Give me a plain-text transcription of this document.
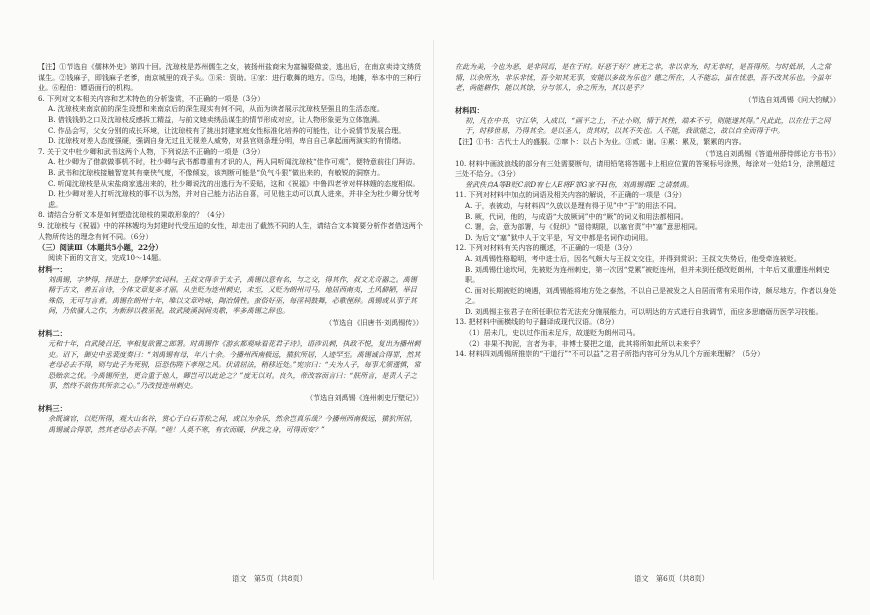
【注】①节选自《儒林外史》第四十回。沈琼枝是苏州儒生之女，被扬州盐商宋为富骗娶做妾，逃出后，在南京卖诗文绣货谋生。②钱麻子，即钱麻子老爹，南京城里的戏子头。③采：资助。④家：进行歌舞的地方。⑤乌，地摊，举本中的三种行业。⑥程伯：嫖语面行的机构。

6. 下列对文本相关内容和艺术特色的分析鉴赏，不正确的一项是（3分）

A. 沈琼枝来南京前的深生设想和来南京后的深生现实有何不同，从而为读者展示沈琼枝坚强且的生活态度。

B. 借钱钱奶之口及沈琼枝反感拆工精益，与前文她卖绣品谋生的情节形成对应，让人物形象更为立体饱满。

C. 作品会写，父女分别的成长环境，让沈琼枝有了挑出封建家庭女性标准化培养的可能性，让小说情节发展合理。

D. 沈琼枝对差人态度强硬，强调自身无过且无视差人威势，对县官则条理分明，卑自自己拿起面两演实的有情绪。

7. 关于文中杜少卿和武书这两个人物，下列说法不正确的一项是（3分）

A. 杜少卿为了借款做事机不时，杜少卿与武书都尊重有才识的人，两人同听闻沈琼枝“佳作可观”，便特意前往门拜访。

B. 武书和沈琼枝接触智宽其有豪侠气度，不像倾妄，该判断可能是“负气斗狠”做出来的，有敏锐的洞察力。

C. 听闻沈琼枝是从宋盐商家逃出来的，杜少卿说沈的出逃行为不妥贴，这和《祝福》中鲁四老爷对样林嫂的态度相似。

D. 杜少卿对差人打听沈琼枝的事不以为然，并对自己能力沾沾自喜，可见他主动可以真人进来，并非全为杜少卿分忧考虑。

8. 请结合分析文本是如何塑造沈琼枝的果敢形象的？（4分）

9. 沈琼枝与《祝福》中的祥林嫂均为封建时代受压迫的女性，却走出了截然不同的人生，请结合文本简要分析作者借这两个人物所传达的理念有何不同。（6分）

（三）阅读Ⅲ（本题共5小题，22分）

阅读下面的文言文，完成10～14题。

材料一：

刘禹锡，字梦得，择进士，登博学宏词科。王叔文得幸于太子，禹锡以意有名，与之交，得其作，叔文尤奇器之。禹锡精于古文，善五言诗，今体文章复多才丽。从坐贬为连州刺史，未至，又贬为朗州司马。地居西南夷，土风僻陋，举目殊俗，无可与言者。禹锡在朗州十年，唯以文章吟咏，陶冶情性。蛮俗好巫，每淫祠鼓舞，必歌俚辞。禹锡或从事于其间，乃依骚人之作，为新辞以教巫祝。故武陵溪洞间夷歌，率多禹锡之辞也。

（节选自《旧唐书·刘禹锡传》）

材料二：

元和十年，自武陵召还，宰相复欲置之郎署。时禹锡作《游玄都观咏看花君子诗》，语涉讥刺，执政不悦，复出为播州刺史。诏下，御史中丞裴度奏曰：“刘禹锡有母，年八十余。今播州西南极远，猿狖所居，人迹罕至。禹锡诚合得罪，然其老母必去不得，则与此子为死别，臣恐伤陛下孝理之风。伏请屈法，稍移近处。”宪宗曰：“夫为人子，每事尤须谨慎，常恐贻亲之忧。今禹锡所坐，更合重于他人，卿岂可以此论之？”度无以对。良久，帝改容而言曰：“朕所言，是责人子之事，然终不欲伤其所亲之心。”乃改授连州刺史。

（节选自刘禹锡《连州刺史厅壁记》）

材料三：

余既谪官，以贬所得，观大山名谷，赏心于白石青松之间，或以为余乐，然余岂真乐哉？今播州西南极远，猿狖所居，禹锡诚合得罪，然其老母必去不得。“嗟！人莫不寒，有衣而暖，伊我之身，可得而安？”

在此为美，今也为恶，是非同焉，是在于时。好恶于好？唐无之非，非以非为，时无非时，是吾得所。与时低昂，人之常情，以余所为，非乐非忧，吾今知其无事，安能以多故为乐也？德之所在，人不能忘，虽在忧患，吾不改其乐也。今虽年老，尚能耕作，能以其馀，分与邻人，余之所为，其以是乎？

（节选自刘禹锡《问大钧赋》）

材料四：

初，凡在中书，守江华，入成以，“画平之上，不止小则，情于其性，端本不亏，则能遂其得。”凡此此，以在仕于之同于，时移世易，乃得其全。是以圣人，贵其时，以其不失也。人不能，我欲能之，故以自全而得于中。

【注】①书：古代士人的盛服。②窜卜：以占卜为业。③贰：谢。④累：累及，繁累的内容。

（节选自刘禹锡《答道州薛侍郎论方书书》）

10. 材料中画波浪线的部分有三处需要断句，请用铅笔将答题卡上相应位置的答案标号涂黑，每涂对一处给1分，涂黑超过三处不给分。（3分）

誉武佚自A等B贬C欲D宥七人E将F罪G家不H伤，刘禹锡谓E 之请禁禹。

11. 下列对材料中加点的词语及相关内容的解说，不正确的一项是（3分）

A. 于，表被动，与材料四“久放以是理有得于见”中“于”的用法不同。

B. 厥，代词，他的，与成语“大放厥词”中的“厥”的词义和用法都相同。

C. 署，会，意为部署，与《促织》“留待期限，以塞官责”中“塞”意思相同。

D. 为后文“塞”狱中人于文平是，写文中都是名词作动词用。

12. 下列对材料有关内容的概述，不正确的一项是（3分）

A. 刘禹锡性格聪明，考中进士后，因名气颇大与王叔文交往，并得到赏识；王叔文失势后，他受牵连被贬。

B. 刘禹锡仕途坎坷，先被贬为连州刺史，第一次因“党累”被贬连州，但并未到任便改贬朗州，十年后又重遭连州刺史职。

C. 面对长期被贬的境遇，刘禹锡能将地方处之泰然，不以自己是被发之人自居而常有采用作诗，颇尽地方，作者以身处之。

D. 刘禹锡主张君子在所任职位若无法充分施展能力，可以明达的方式进行自我调节，而应多思磨砺历医学习技能。

13. 把材料中画横线的句子翻译成现代汉语。（8分）

（1）居未几，史以过作而未足斥，故遂贬为朗州司马。

（2）非果不拘泥，言者为非，非博士要把之道，此其将所如此所以未来乎？

14. 材料四刘禹锡所推崇的“干道行”“不可以益”之君子所指内容可分为从几个方面来理解？（5分）

语文　第5页（共8页）	语文　第6页（共8页）
